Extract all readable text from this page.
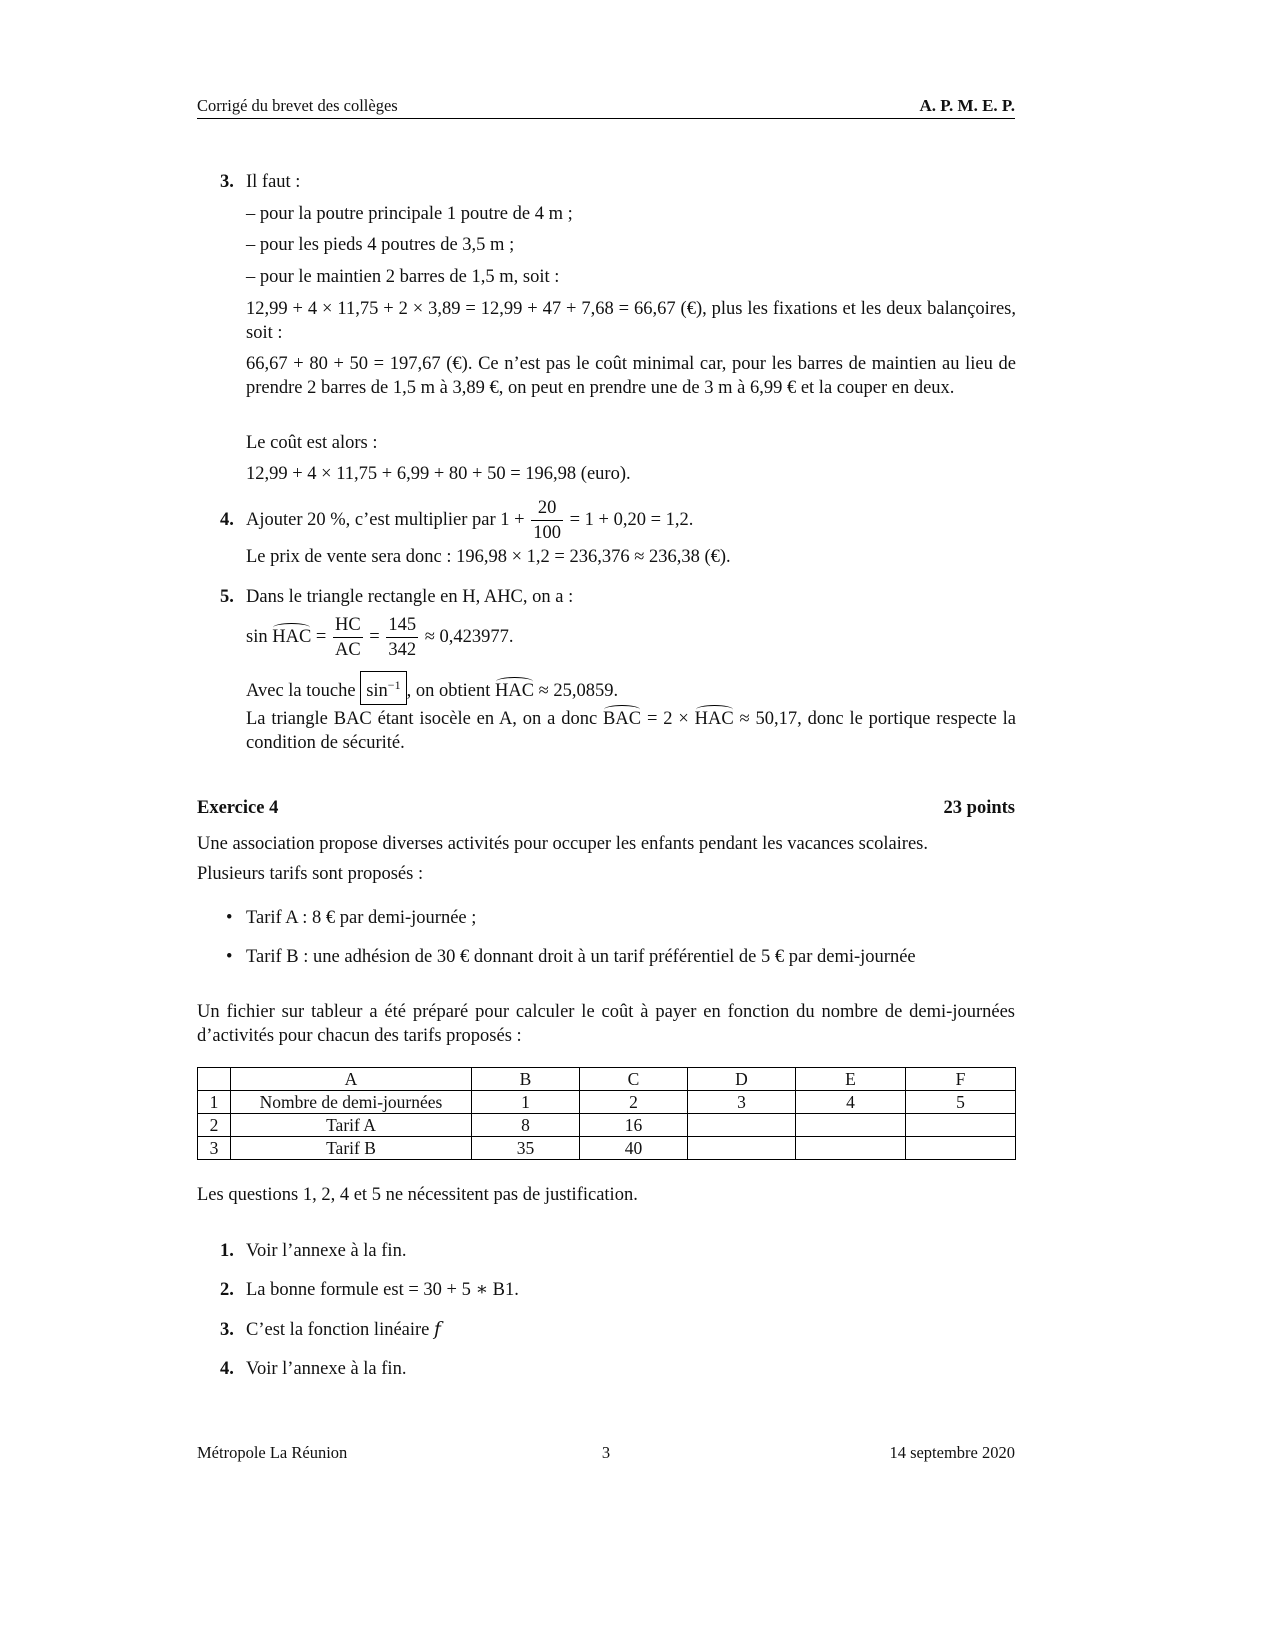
Corrigé du brevet des collèges	A. P. M. E. P.
3. Il faut :
– pour la poutre principale 1 poutre de 4 m ;
– pour les pieds 4 poutres de 3,5 m ;
– pour le maintien 2 barres de 1,5 m, soit :
12,99 + 4 × 11,75 + 2 × 3,89 = 12,99 + 47 + 7,68 = 66,67 (€), plus les fixations et les deux balançoires, soit :
66,67 + 80 + 50 = 197,67 (€). Ce n’est pas le coût minimal car, pour les barres de maintien au lieu de prendre 2 barres de 1,5 m à 3,89 €, on peut en prendre une de 3 m à 6,99 € et la couper en deux.
Le coût est alors :
12,99 + 4 × 11,75 + 6,99 + 80 + 50 = 196,98 (euro).
4. Ajouter 20 %, c’est multiplier par $1 + \frac{20}{100} = 1 + 0,20 = 1,2$.
Le prix de vente sera donc : 196,98 × 1,2 = 236,376 ≈ 236,38 (€).
5. Dans le triangle rectangle en H, AHC, on a :
sin HAC = $\frac{HC}{AC} = \frac{145}{342} \approx 0,423977$.
Avec la touche $\sin^{-1}$ , on obtient HAC ≈ 25,0859.
La triangle BAC étant isocèle en A, on a donc BAC = 2 × HAC ≈ 50,17, donc le portique respecte la condition de sécurité.
Exercice 4	23 points
Une association propose diverses activités pour occuper les enfants pendant les vacances scolaires.
Plusieurs tarifs sont proposés :
• Tarif A : 8 € par demi-journée ;
• Tarif B : une adhésion de 30 € donnant droit à un tarif préférentiel de 5 € par demi-journée
Un fichier sur tableur a été préparé pour calculer le coût à payer en fonction du nombre de demi-journées d’activités pour chacun des tarifs proposés :
	A	B	C	D	E	F
1	Nombre de demi-journées	1	2	3	4	5
2	Tarif A	8	16			
3	Tarif B	35	40			
Les questions 1, 2, 4 et 5 ne nécessitent pas de justification.
1. Voir l’annexe à la fin.
2. La bonne formule est = 30 + 5 ∗ B1.
3. C’est la fonction linéaire 𝑓
4. Voir l’annexe à la fin.
Métropole La Réunion	3	14 septembre 2020
